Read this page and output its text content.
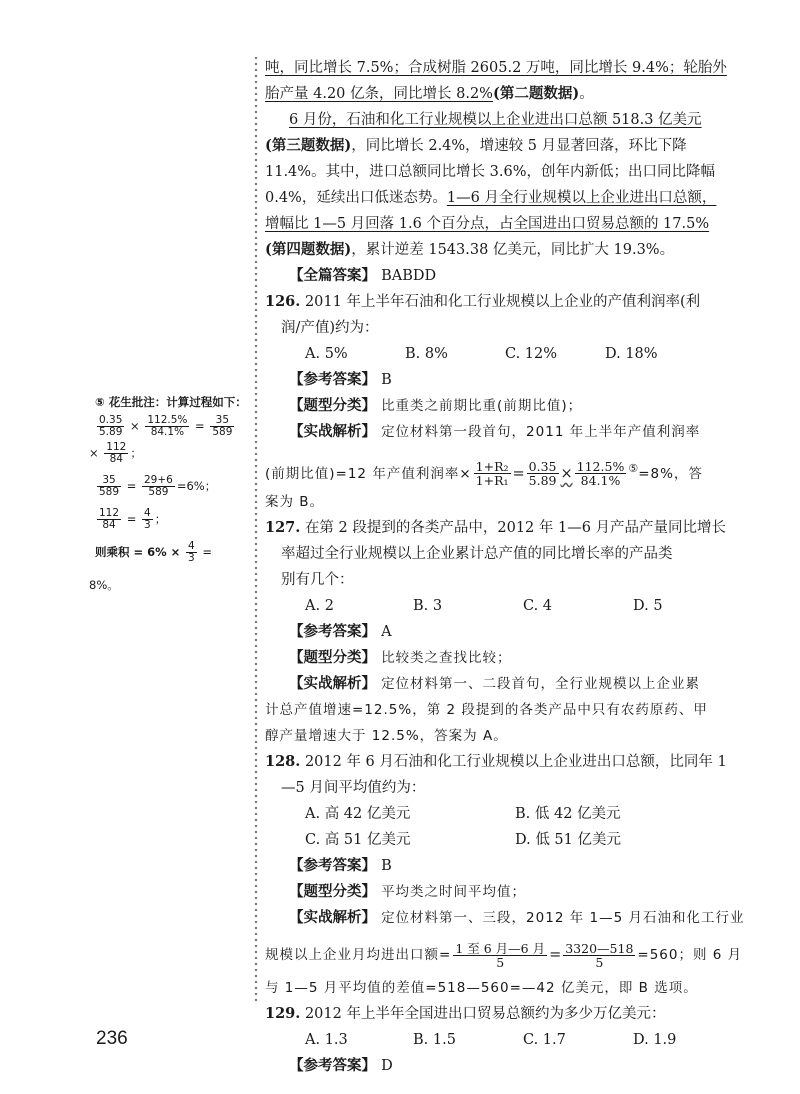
⑤ 花生批注：计算过程如下：
$\frac{0.35}{5.89} \times \frac{112.5\%}{84.1\%} = \frac{35}{589}$
× $\frac{112}{84}$ ；
$\frac{35}{589} = \frac{29+6}{589} =6\%$；
$\frac{112}{84} = \frac{4}{3}$ ；
则乘积 = $6\% \times \frac{4}{3}$ =
8%。
吨，同比增长 7.5%；合成树脂 2605.2 万吨，同比增长 9.4%；轮胎外
胎产量 4.20 亿条，同比增长 8.2%(第二题数据)。
6 月份，石油和化工行业规模以上企业进出口总额 518.3 亿美元
(第三题数据)，同比增长 2.4%，增速较 5 月显著回落，环比下降
11.4%。其中，进口总额同比增长 3.6%，创年内新低；出口同比降幅
0.4%，延续出口低迷态势。1—6 月全行业规模以上企业进出口总额，
增幅比 1—5 月回落 1.6 个百分点，占全国进出口贸易总额的 17.5%
(第四题数据)，累计逆差 1543.38 亿美元，同比扩大 19.3%。
【全篇答案】 BABDD
126. 2011 年上半年石油和化工行业规模以上企业的产值利润率(利
润/产值)约为：
A. 5%	B. 8%	C. 12%	D. 18%
【参考答案】 B
【题型分类】 比重类之前期比重(前期比值)；
【实战解析】 定位材料第一段首句，2011 年上半年产值利润率
(前期比值)=12 年产值利润率× $\frac{\text{1+R₂}}{\text{1+R₁}} = \frac{0.35}{5.89} \times \frac{112.5\%}{84.1\%} ^⑤=8\%$，答
案为 B。
127. 在第 2 段提到的各类产品中，2012 年 1—6 月产品产量同比增长
率超过全行业规模以上企业累计总产值的同比增长率的产品类
别有几个：
A. 2	B. 3	C. 4	D. 5
【参考答案】 A
【题型分类】 比较类之查找比较；
【实战解析】 定位材料第一、二段首句，全行业规模以上企业累
计总产值增速=12.5%，第 2 段提到的各类产品中只有农药原药、甲
醇产量增速大于 12.5%，答案为 A。
128. 2012 年 6 月石油和化工行业规模以上企业进出口总额，比同年 1
—5 月间平均值约为：
A. 高 42 亿美元	B. 低 42 亿美元
C. 高 51 亿美元	D. 低 51 亿美元
【参考答案】 B
【题型分类】 平均类之时间平均值；
【实战解析】 定位材料第一、三段，2012 年 1—5 月石油和化工行业
规模以上企业月均进出口额= $\frac{\text{1 至 6 月—6 月}}{5} = \frac{3320—518}{5} =560$；则 6 月
与 1—5 月平均值的差值=518—560=—42 亿美元，即 B 选项。
129. 2012 年上半年全国进出口贸易总额约为多少万亿美元：
A. 1.3	B. 1.5	C. 1.7	D. 1.9
【参考答案】 D
236
